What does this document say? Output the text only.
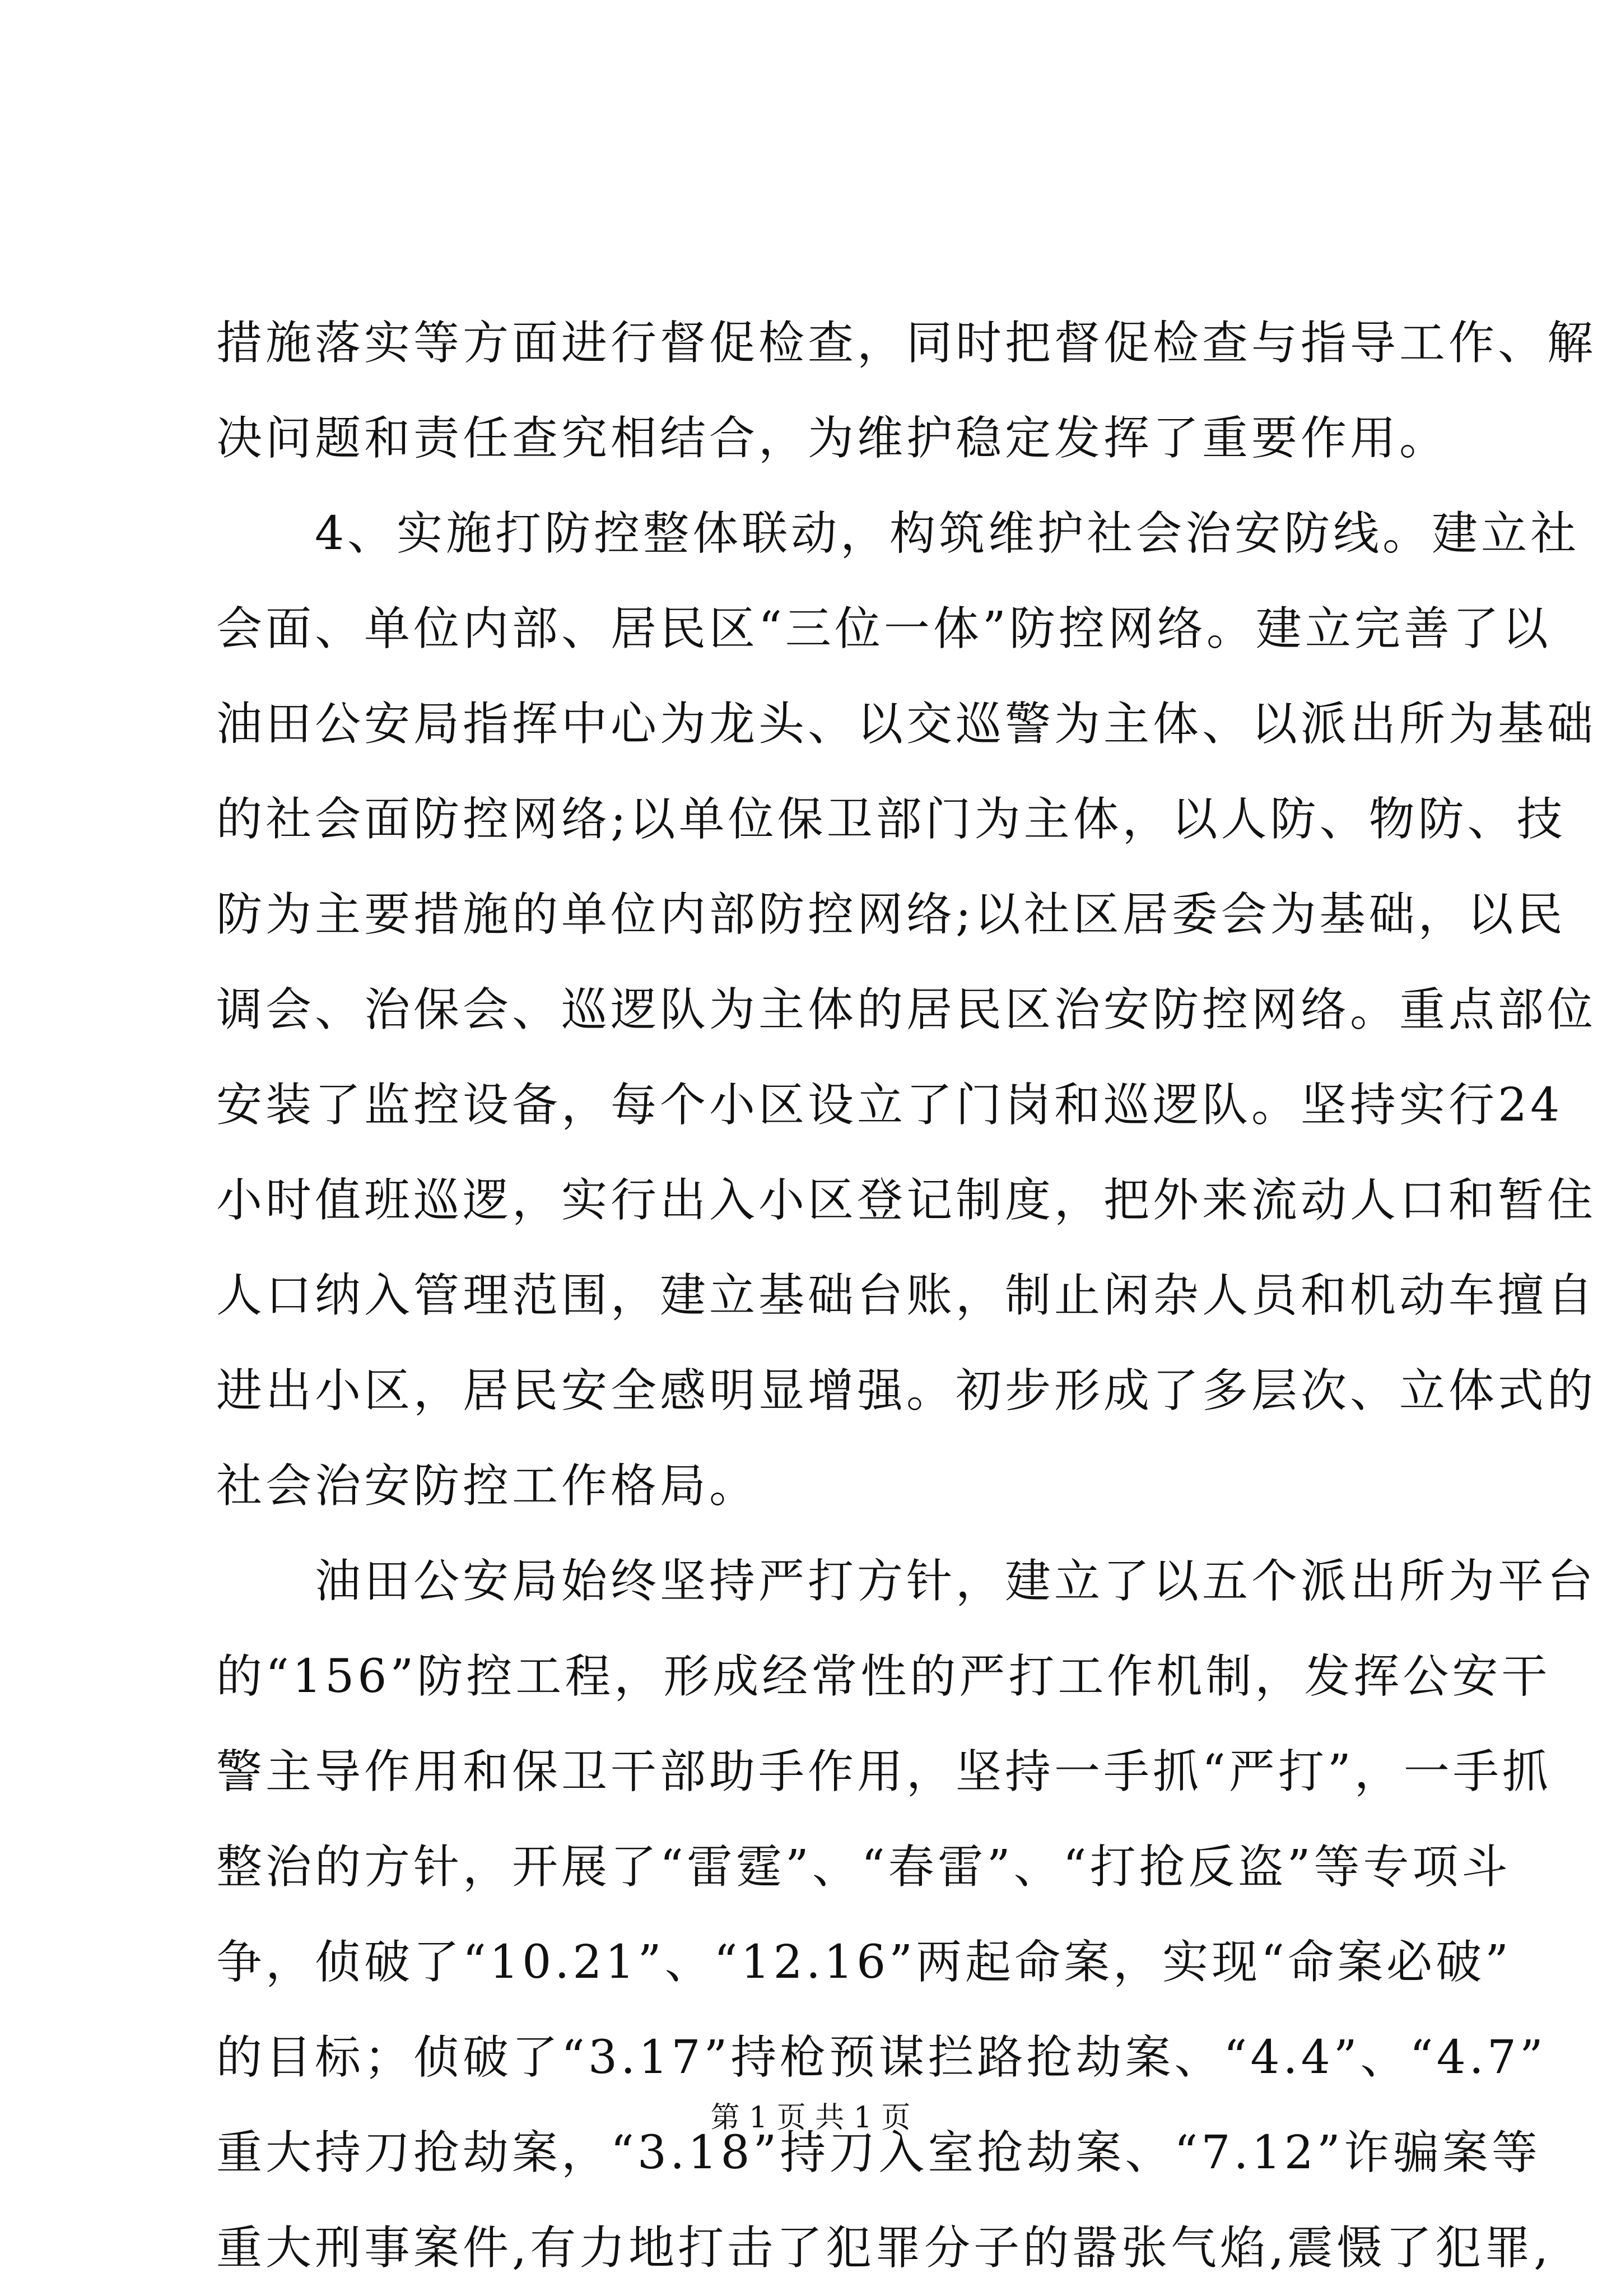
措施落实等方面进行督促检查，同时把督促检查与指导工作、解
决问题和责任查究相结合，为维护稳定发挥了重要作用。
　　4、实施打防控整体联动，构筑维护社会治安防线。建立社
会面、单位内部、居民区“三位一体”防控网络。建立完善了以
油田公安局指挥中心为龙头、以交巡警为主体、以派出所为基础
的社会面防控网络;以单位保卫部门为主体，以人防、物防、技
防为主要措施的单位内部防控网络;以社区居委会为基础，以民
调会、治保会、巡逻队为主体的居民区治安防控网络。重点部位
安装了监控设备，每个小区设立了门岗和巡逻队。坚持实行24
小时值班巡逻，实行出入小区登记制度，把外来流动人口和暂住
人口纳入管理范围，建立基础台账，制止闲杂人员和机动车擅自
进出小区，居民安全感明显增强。初步形成了多层次、立体式的
社会治安防控工作格局。
　　油田公安局始终坚持严打方针，建立了以五个派出所为平台
的“156”防控工程，形成经常性的严打工作机制，发挥公安干
警主导作用和保卫干部助手作用，坚持一手抓“严打”，一手抓
整治的方针，开展了“雷霆”、“春雷”、“打抢反盗”等专项斗
争，侦破了“10.21”、“12.16”两起命案，实现“命案必破”
的目标；侦破了“3.17”持枪预谋拦路抢劫案、“4.4”、“4.7”
重大持刀抢劫案，“3.18”持刀入室抢劫案、“7.12”诈骗案等
重大刑事案件,有力地打击了犯罪分子的嚣张气焰,震慑了犯罪,
第 1 页 共 1 页
